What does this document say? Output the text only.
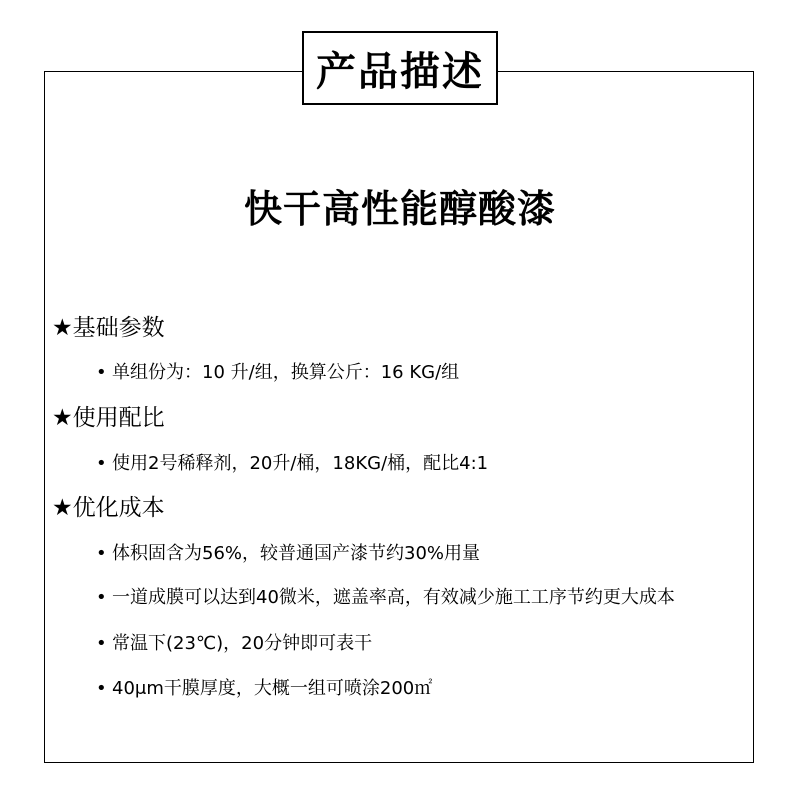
产品描述
快干高性能醇酸漆
★基础参数
• 单组份为：10 升/组，换算公斤：16 KG/组
★使用配比
• 使用2号稀释剂，20升/桶，18KG/桶，配比4:1
★优化成本
• 体积固含为56%，较普通国产漆节约30%用量
• 一道成膜可以达到40微米，遮盖率高，有效减少施工工序节约更大成本
• 常温下(23℃)，20分钟即可表干
• 40μm干膜厚度，大概一组可喷涂200㎡
